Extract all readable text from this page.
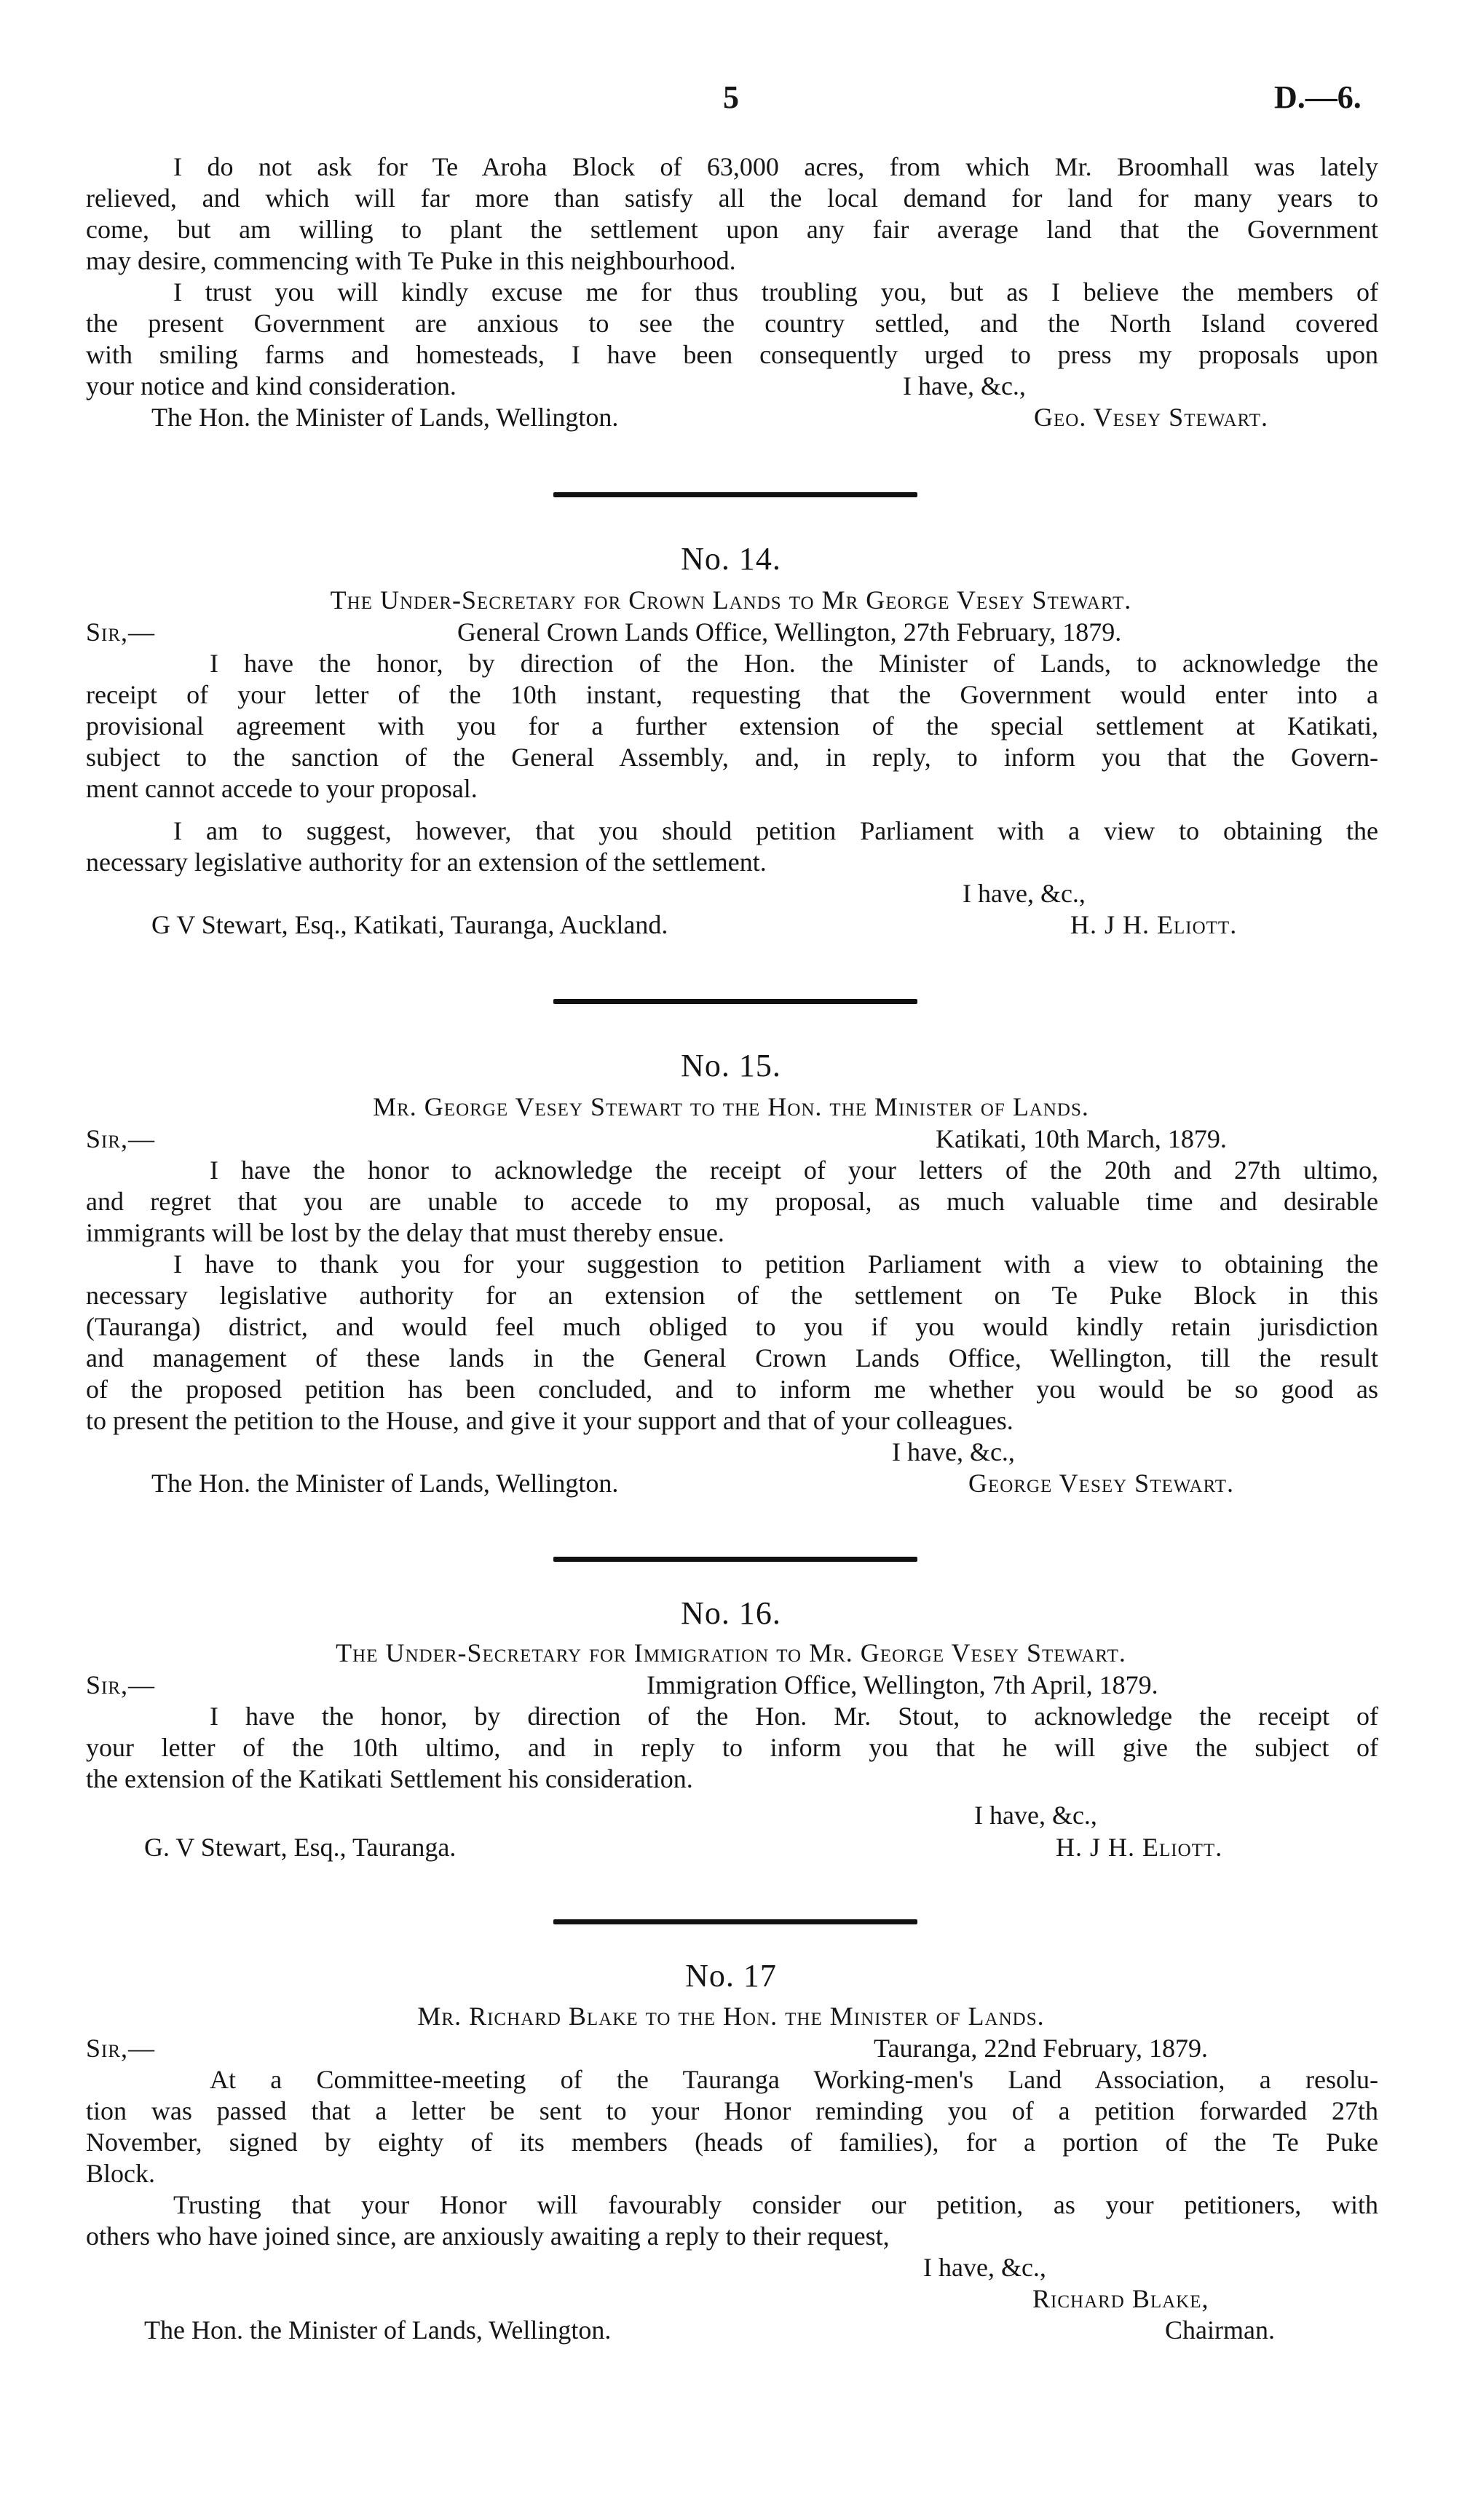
5	D.—6.

I do not ask for Te Aroha Block of 63,000 acres, from which Mr. Broomhall was lately

relieved, and which will far more than satisfy all the local demand for land for many years to

come, but am willing to plant the settlement upon any fair average land that the Government

may desire, commencing with Te Puke in this neighbourhood.

I trust you will kindly excuse me for thus troubling you, but as I believe the members of

the present Government are anxious to see the country settled, and the North Island covered

with smiling farms and homesteads, I have been consequently urged to press my proposals upon

your notice and kind consideration.	I have, &c.,

The Hon. the Minister of Lands, Wellington.	Geo. Vesey Stewart.

No. 14.

The Under-Secretary for Crown Lands to Mr George Vesey Stewart.

Sir,—	General Crown Lands Office, Wellington, 27th February, 1879.

I have the honor, by direction of the Hon. the Minister of Lands, to acknowledge the

receipt of your letter of the 10th instant, requesting that the Government would enter into a

provisional agreement with you for a further extension of the special settlement at Katikati,

subject to the sanction of the General Assembly, and, in reply, to inform you that the Govern-

ment cannot accede to your proposal.

I am to suggest, however, that you should petition Parliament with a view to obtaining the

necessary legislative authority for an extension of the settlement.

I have, &c.,

G V Stewart, Esq., Katikati, Tauranga, Auckland.	H. J H. Eliott.

No. 15.

Mr. George Vesey Stewart to the Hon. the Minister of Lands.

Sir,—	Katikati, 10th March, 1879.

I have the honor to acknowledge the receipt of your letters of the 20th and 27th ultimo,

and regret that you are unable to accede to my proposal, as much valuable time and desirable

immigrants will be lost by the delay that must thereby ensue.

I have to thank you for your suggestion to petition Parliament with a view to obtaining the

necessary legislative authority for an extension of the settlement on Te Puke Block in this

(Tauranga) district, and would feel much obliged to you if you would kindly retain jurisdiction

and management of these lands in the General Crown Lands Office, Wellington, till the result

of the proposed petition has been concluded, and to inform me whether you would be so good as

to present the petition to the House, and give it your support and that of your colleagues.

I have, &c.,

The Hon. the Minister of Lands, Wellington.	George Vesey Stewart.

No. 16.

The Under-Secretary for Immigration to Mr. George Vesey Stewart.

Sir,—	Immigration Office, Wellington, 7th April, 1879.

I have the honor, by direction of the Hon. Mr. Stout, to acknowledge the receipt of

your letter of the 10th ultimo, and in reply to inform you that he will give the subject of

the extension of the Katikati Settlement his consideration.

I have, &c.,

G. V Stewart, Esq., Tauranga.	H. J H. Eliott.

No. 17

Mr. Richard Blake to the Hon. the Minister of Lands.

Sir,—	Tauranga, 22nd February, 1879.

At a Committee-meeting of the Tauranga Working-men's Land Association, a resolu-

tion was passed that a letter be sent to your Honor reminding you of a petition forwarded 27th

November, signed by eighty of its members (heads of families), for a portion of the Te Puke

Block.

Trusting that your Honor will favourably consider our petition, as your petitioners, with

others who have joined since, are anxiously awaiting a reply to their request,

I have, &c.,

Richard Blake,

The Hon. the Minister of Lands, Wellington.	Chairman.
